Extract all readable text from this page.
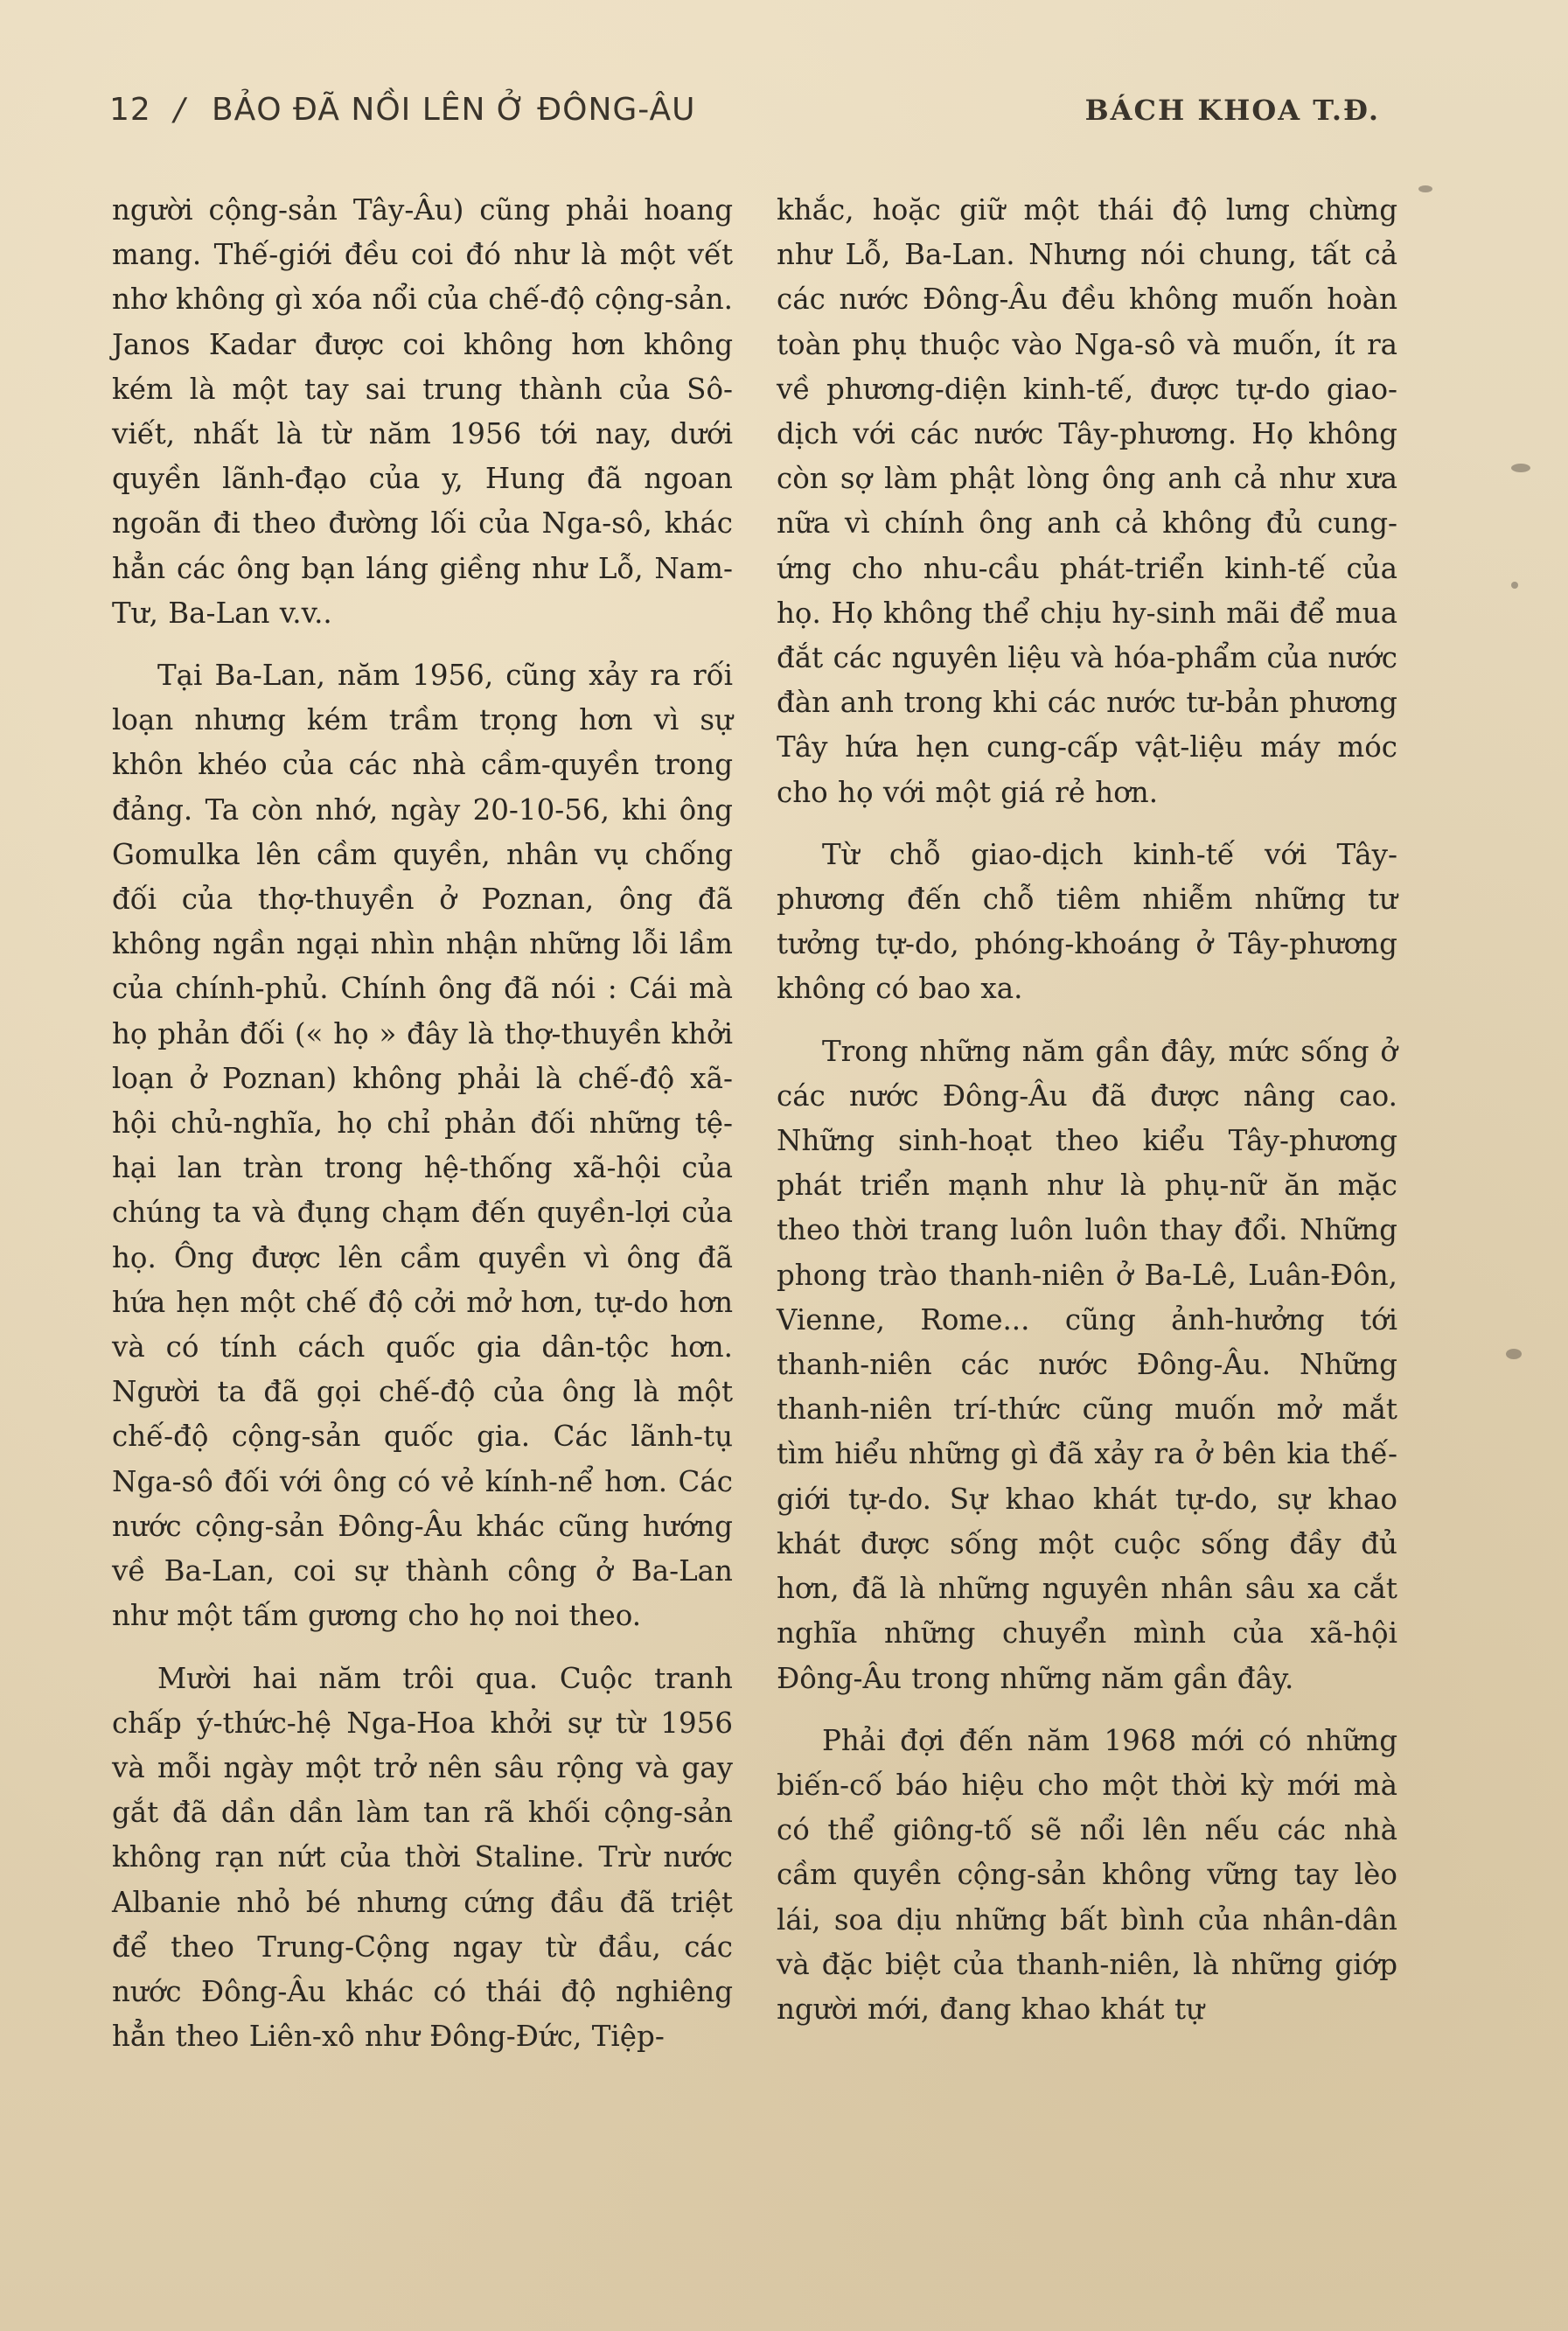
12 / BẢO ĐÃ NỒI LÊN Ở ĐÔNG-ÂU	BÁCH KHOA T.Đ.

người cộng-sản Tây-Âu) cũng phải hoang mang. Thế-giới đều coi đó như là một vết nhơ không gì xóa nổi của chế-độ cộng-sản. Janos Kadar được coi không hơn không kém là một tay sai trung thành của Sô-viết, nhất là từ năm 1956 tới nay, dưới quyền lãnh-đạo của y, Hung đã ngoan ngoãn đi theo đường lối của Nga-sô, khác hẳn các ông bạn láng giềng như Lỗ, Nam-Tư, Ba-Lan v.v..

Tại Ba-Lan, năm 1956, cũng xảy ra rối loạn nhưng kém trầm trọng hơn vì sự khôn khéo của các nhà cầm-quyền trong đảng. Ta còn nhớ, ngày 20-10-56, khi ông Gomulka lên cầm quyền, nhân vụ chống đối của thợ-thuyền ở Poznan, ông đã không ngần ngại nhìn nhận những lỗi lầm của chính-phủ. Chính ông đã nói : Cái mà họ phản đối (« họ » đây là thợ-thuyền khởi loạn ở Poznan) không phải là chế-độ xã-hội chủ-nghĩa, họ chỉ phản đối những tệ-hại lan tràn trong hệ-thống xã-hội của chúng ta và đụng chạm đến quyền-lợi của họ. Ông được lên cầm quyền vì ông đã hứa hẹn một chế độ cởi mở hơn, tự-do hơn và có tính cách quốc gia dân-tộc hơn. Người ta đã gọi chế-độ của ông là một chế-độ cộng-sản quốc gia. Các lãnh-tụ Nga-sô đối với ông có vẻ kính-nể hơn. Các nước cộng-sản Đông-Âu khác cũng hướng về Ba-Lan, coi sự thành công ở Ba-Lan như một tấm gương cho họ noi theo.

Mười hai năm trôi qua. Cuộc tranh chấp ý-thức-hệ Nga-Hoa khởi sự từ 1956 và mỗi ngày một trở nên sâu rộng và gay gắt đã dần dần làm tan rã khối cộng-sản không rạn nứt của thời Staline. Trừ nước Albanie nhỏ bé nhưng cứng đầu đã triệt để theo Trung-Cộng ngay từ đầu, các nước Đông-Âu khác có thái độ nghiêng hẳn theo Liên-xô như Đông-Đức, Tiệp-

khắc, hoặc giữ một thái độ lưng chừng như Lỗ, Ba-Lan. Nhưng nói chung, tất cả các nước Đông-Âu đều không muốn hoàn toàn phụ thuộc vào Nga-sô và muốn, ít ra về phương-diện kinh-tế, được tự-do giao-dịch với các nước Tây-phương. Họ không còn sợ làm phật lòng ông anh cả như xưa nữa vì chính ông anh cả không đủ cung-ứng cho nhu-cầu phát-triển kinh-tế của họ. Họ không thể chịu hy-sinh mãi để mua đắt các nguyên liệu và hóa-phẩm của nước đàn anh trong khi các nước tư-bản phương Tây hứa hẹn cung-cấp vật-liệu máy móc cho họ với một giá rẻ hơn.

Từ chỗ giao-dịch kinh-tế với Tây-phương đến chỗ tiêm nhiễm những tư tưởng tự-do, phóng-khoáng ở Tây-phương không có bao xa.

Trong những năm gần đây, mức sống ở các nước Đông-Âu đã được nâng cao. Những sinh-hoạt theo kiểu Tây-phương phát triển mạnh như là phụ-nữ ăn mặc theo thời trang luôn luôn thay đổi. Những phong trào thanh-niên ở Ba-Lê, Luân-Đôn, Vienne, Rome... cũng ảnh-hưởng tới thanh-niên các nước Đông-Âu. Những thanh-niên trí-thức cũng muốn mở mắt tìm hiểu những gì đã xảy ra ở bên kia thế-giới tự-do. Sự khao khát tự-do, sự khao khát được sống một cuộc sống đầy đủ hơn, đã là những nguyên nhân sâu xa cắt nghĩa những chuyển mình của xã-hội Đông-Âu trong những năm gần đây.

Phải đợi đến năm 1968 mới có những biến-cố báo hiệu cho một thời kỳ mới mà có thể giông-tố sẽ nổi lên nếu các nhà cầm quyền cộng-sản không vững tay lèo lái, soa dịu những bất bình của nhân-dân và đặc biệt của thanh-niên, là những giớp người mới, đang khao khát tự
